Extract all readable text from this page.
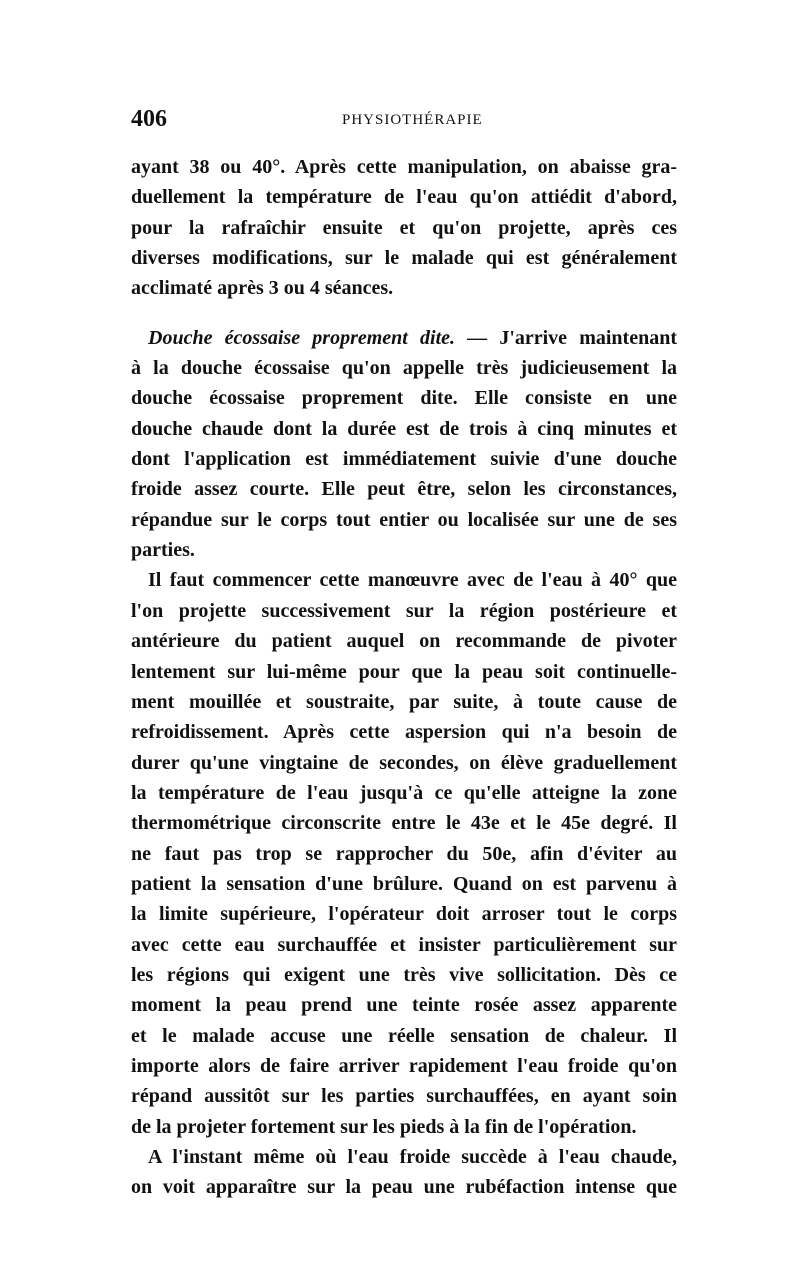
406	PHYSIOTHÉRAPIE
ayant 38 ou 40°. Après cette manipulation, on abaisse gra-
duellement la température de l'eau qu'on attiédit d'abord,
pour la rafraîchir ensuite et qu'on projette, après ces
diverses modifications, sur le malade qui est généralement
acclimaté après 3 ou 4 séances.
Douche écossaise proprement dite. — J'arrive maintenant
à la douche écossaise qu'on appelle très judicieusement la
douche écossaise proprement dite. Elle consiste en une
douche chaude dont la durée est de trois à cinq minutes et
dont l'application est immédiatement suivie d'une douche
froide assez courte. Elle peut être, selon les circonstances,
répandue sur le corps tout entier ou localisée sur une de ses
parties.
Il faut commencer cette manœuvre avec de l'eau à 40° que
l'on projette successivement sur la région postérieure et
antérieure du patient auquel on recommande de pivoter
lentement sur lui-même pour que la peau soit continuelle-
ment mouillée et soustraite, par suite, à toute cause de
refroidissement. Après cette aspersion qui n'a besoin de
durer qu'une vingtaine de secondes, on élève graduellement
la température de l'eau jusqu'à ce qu'elle atteigne la zone
thermométrique circonscrite entre le 43e et le 45e degré. Il
ne faut pas trop se rapprocher du 50e, afin d'éviter au
patient la sensation d'une brûlure. Quand on est parvenu à
la limite supérieure, l'opérateur doit arroser tout le corps
avec cette eau surchauffée et insister particulièrement sur
les régions qui exigent une très vive sollicitation. Dès ce
moment la peau prend une teinte rosée assez apparente
et le malade accuse une réelle sensation de chaleur. Il
importe alors de faire arriver rapidement l'eau froide qu'on
répand aussitôt sur les parties surchauffées, en ayant soin
de la projeter fortement sur les pieds à la fin de l'opération.
A l'instant même où l'eau froide succède à l'eau chaude,
on voit apparaître sur la peau une rubéfaction intense que
